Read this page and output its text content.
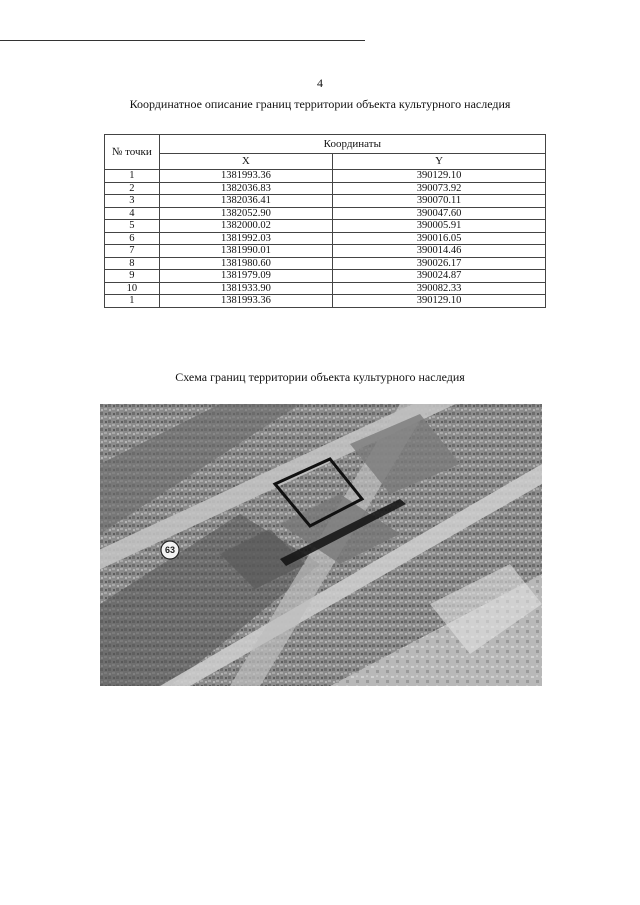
4
Координатное описание границ территории объекта культурного наследия
№ точки	Координаты	
	X	Y
1	1381993.36	390129.10
2	1382036.83	390073.92
3	1382036.41	390070.11
4	1382052.90	390047.60
5	1382000.02	390005.91
6	1381992.03	390016.05
7	1381990.01	390014.46
8	1381980.60	390026.17
9	1381979.09	390024.87
10	1381933.90	390082.33
1	1381993.36	390129.10
Схема границ территории объекта культурного наследия
63
